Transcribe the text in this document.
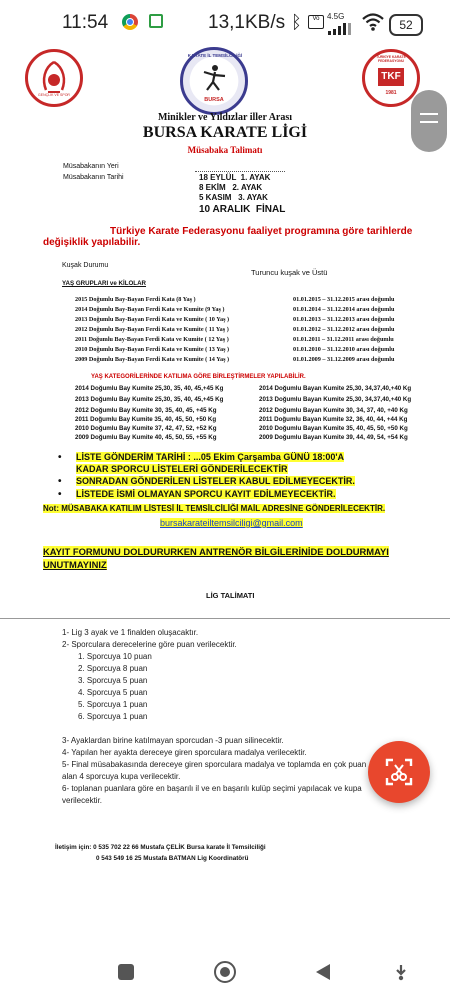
11:54	13,1KB/s ᛒ	Vo 4.5G
52
GENÇLİK VE SPOR
KARATE İL TEMSİLCİLİĞİ
BURSA
TÜRKİYE KARATE FEDERASYONU
TKF
1981
Minikler ve Yıldızlar iller Arası
BURSA KARATE LİGİ
Müsabaka Talimatı
Müsabakanın Yeri
Müsabakanın Tarihi	18 EYLÜL  1. AYAK
8 EKİM   2. AYAK
5 KASIM   3. AYAK
10 ARALIK  FİNAL
Türkiye Karate Federasyonu faaliyet programına göre tarihlerde
değişiklik yapılabilir.
Kuşak Durumu
Turuncu kuşak ve Üstü
YAŞ GRUPLARI ve KİLOLAR
2015 Doğumlu Bay-Bayan Ferdi Kata (8 Yaş )	01.01.2015 – 31.12.2015 arası doğumlu
2014 Doğumlu Bay-Bayan Ferdi Kata ve Kumite (9 Yaş )	01.01.2014 – 31.12.2014 arası doğumlu
2013 Doğumlu Bay-Bayan Ferdi Kata ve Kumite ( 10 Yaş )	01.01.2013 – 31.12.2013 arası doğumlu
2012 Doğumlu Bay-Bayan Ferdi Kata ve Kumite ( 11 Yaş )	01.01.2012 – 31.12.2012 arası doğumlu
2011 Doğumlu Bay-Bayan Ferdi Kata ve Kumite ( 12 Yaş )	01.01.2011 – 31.12.2011 arası doğumlu
2010 Doğumlu Bay-Bayan Ferdi Kata ve Kumite ( 13 Yaş )	01.01.2010 – 31.12.2010 arası doğumlu
2009 Doğumlu Bay-Bayan Ferdi Kata ve Kumite ( 14 Yaş )	01.01.2009 – 31.12.2009 arası doğumlu
YAŞ KATEGORİLERİNDE KATILIMA GÖRE BİRLEŞTİRMELER YAPILABİLİR.
2014 Doğumlu Bay Kumite 25,30, 35, 40, 45,+45 Kg	2014 Doğumlu Bayan Kumite 25,30, 34,37,40,+40 Kg
2013 Doğumlu Bay Kumite 25,30, 35, 40, 45,+45 Kg	2013 Doğumlu Bayan Kumite 25,30, 34,37,40,+40 Kg
2012 Doğumlu Bay Kumite 30, 35, 40, 45, +45 Kg	2012 Doğumlu Bayan Kumite 30, 34, 37, 40, +40 Kg
2011 Doğumlu Bay Kumite 35, 40, 45, 50, +50 Kg	2011 Doğumlu Bayan Kumite 32, 36, 40, 44, +44 Kg
2010 Doğumlu Bay Kumite 37, 42, 47, 52, +52 Kg	2010 Doğumlu Bayan Kumite 35, 40, 45, 50, +50 Kg
2009 Doğumlu Bay Kumite 40, 45, 50, 55, +55 Kg	2009 Doğumlu Bayan Kumite 39, 44, 49, 54, +54 Kg
• LİSTE GÖNDERİM TARİHİ : ...05 Ekim Çarşamba GÜNÜ 18:00'A
KADAR SPORCU LİSTELERİ GÖNDERİLECEKTİR
• SONRADAN GÖNDERİLEN LİSTELER KABUL EDİLMEYECEKTİR.
• LİSTEDE İSMİ OLMAYAN SPORCU KAYIT EDİLMEYECEKTİR.
Not: MÜSABAKA KATILIM LİSTESİ İL TEMSİLCİLİĞİ MAİL ADRESİNE GÖNDERİLECEKTİR.
bursakarateiltemsilciligi@gmail.com
KAYIT FORMUNU DOLDURURKEN ANTRENÖR BİLGİLERİNİDE DOLDURMAYI
UNUTMAYINIZ
LİG TALİMATI
1- Lig 3 ayak ve 1 finalden oluşacaktır.
2- Sporculara derecelerine göre puan verilecektir.
1. Sporcuya 10 puan
2. Sporcuya 8 puan
3. Sporcuya 5 puan
4. Sporcuya 5 puan
5. Sporcuya 1 puan
6. Sporcuya 1 puan
3- Ayaklardan birine katılmayan sporcudan -3 puan silinecektir.
4- Yapılan her ayakta dereceye giren sporculara madalya verilecektir.
5- Final müsabakasında dereceye giren sporculara madalya ve toplamda en çok puan
alan 4 sporcuya kupa verilecektir.
6- toplanan puanlara göre en başarılı il ve en başarılı kulüp seçimi yapılacak ve kupa
verilecektir.
İletişim için: 0 535 702 22 66 Mustafa ÇELİK Bursa karate İl Temsilciliği
0 543 549 16 25 Mustafa BATMAN Lig Koordinatörü
